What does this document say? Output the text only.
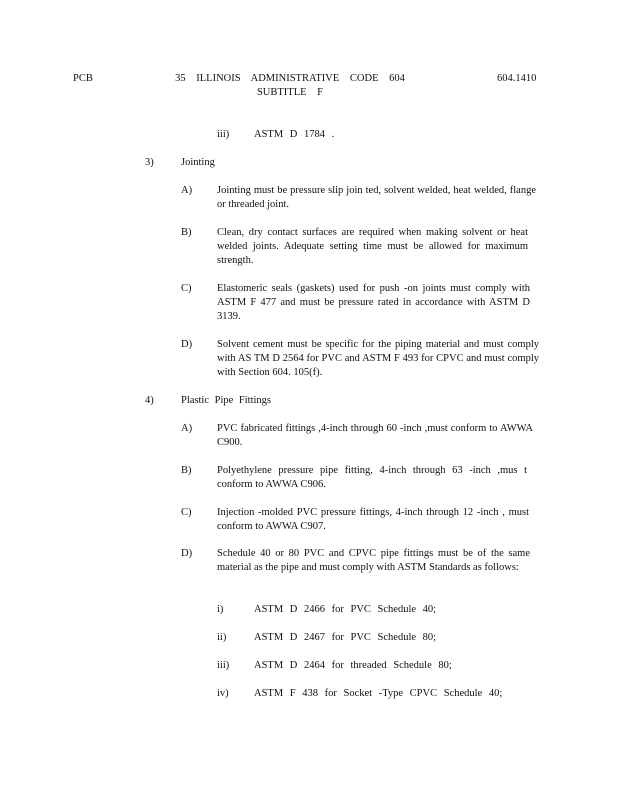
PCB	35 ILLINOIS ADMINISTRATIVE CODE 604
SUBTITLE F
604.1410
iii) ASTM D 1784 .
3)	Jointing
A) Jointing must be pressure slip join ted, solvent welded, heat welded, flange or threaded joint.
B) Clean, dry contact surfaces are required when making solvent or heat welded joints. Adequate setting time must be allowed for maximum strength.
C) Elastomeric seals (gaskets) used for push -on joints must comply with ASTM F 477 and must be pressure rated in accordance with ASTM D 3139.
D) Solvent cement must be specific for the piping material and must comply with AS TM D 2564 for PVC and ASTM F 493 for CPVC and must comply with Section 604. 105(f).
4)	Plastic Pipe Fittings
A) PVC fabricated fittings ,4-inch through 60 -inch ,must conform to AWWA C900.
B) Polyethylene pressure pipe fitting, 4-inch through 63 -inch ,mus t conform to AWWA C906.
C) Injection -molded PVC pressure fittings, 4-inch through 12 -inch , must conform to AWWA C907.
D) Schedule 40 or 80 PVC and CPVC pipe fittings must be of the same material as the pipe and must comply with ASTM Standards as follows:
i)	ASTM D 2466 for PVC Schedule 40;
ii)	ASTM D 2467 for PVC Schedule 80;
iii) ASTM D 2464 for threaded Schedule 80;
iv) ASTM F 438 for Socket -Type CPVC Schedule 40;
